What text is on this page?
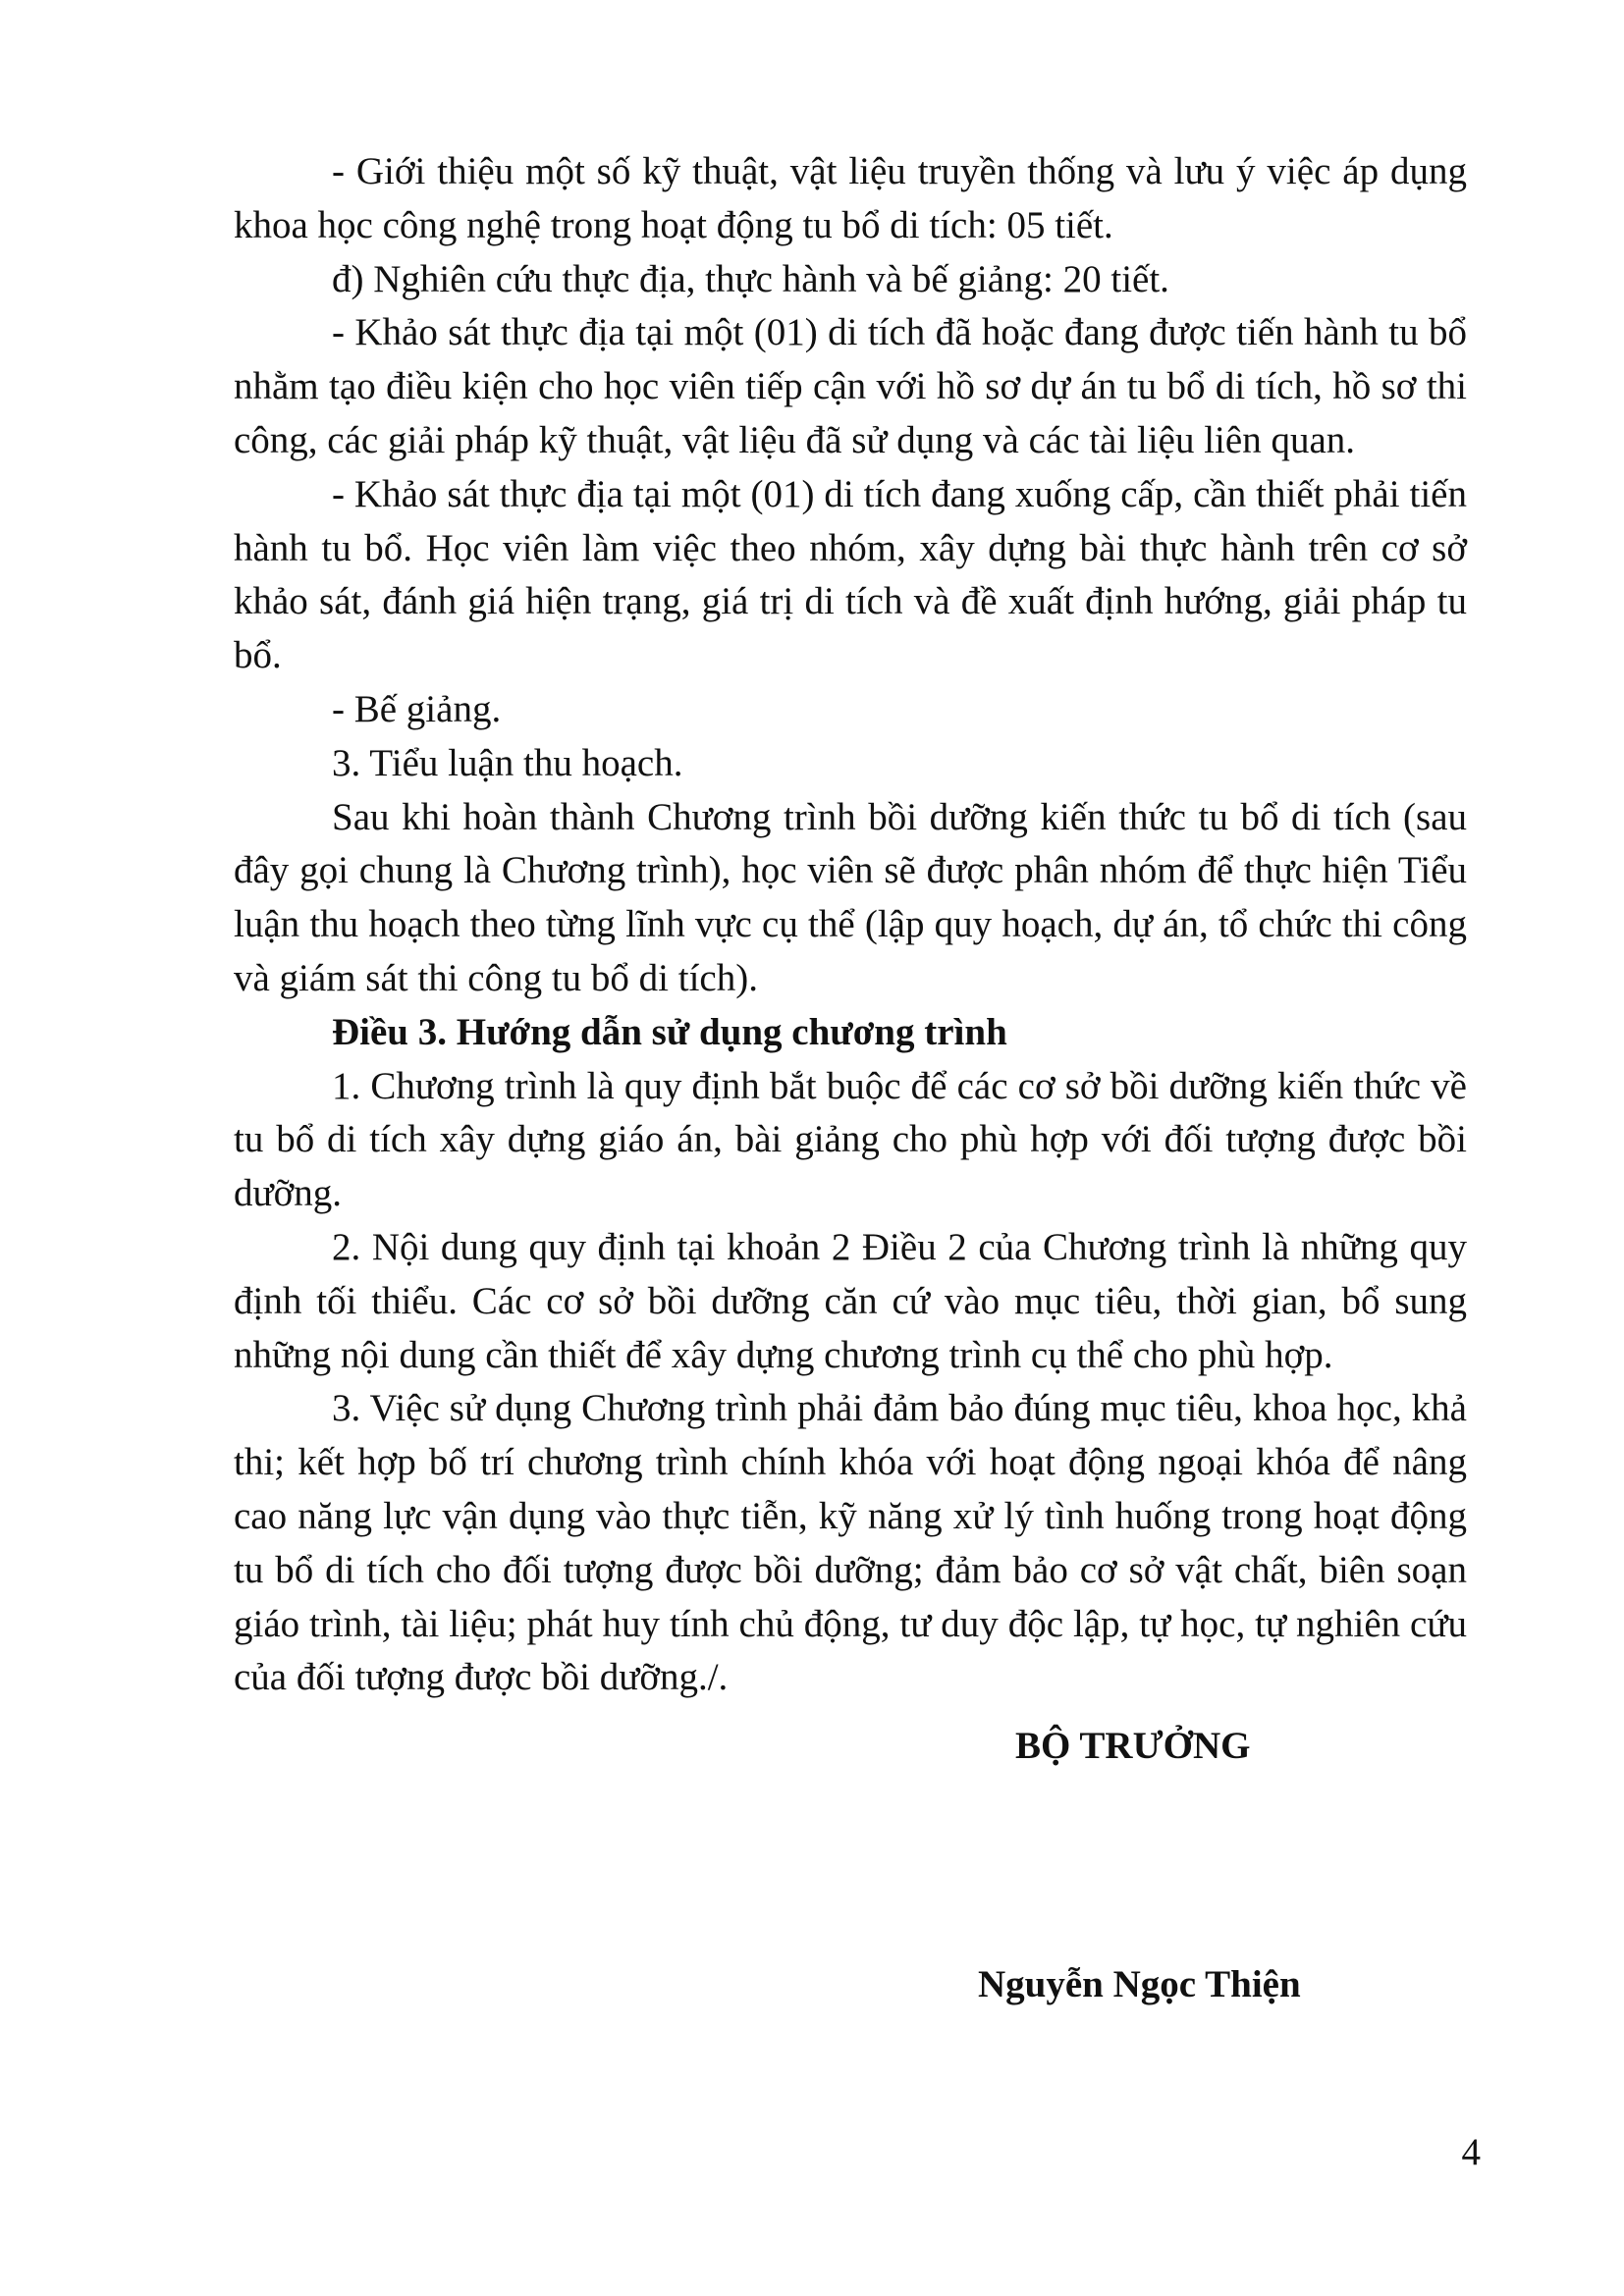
- Giới thiệu một số kỹ thuật, vật liệu truyền thống và lưu ý việc áp dụng khoa học công nghệ trong hoạt động tu bổ di tích: 05 tiết.

đ) Nghiên cứu thực địa, thực hành và bế giảng: 20 tiết.

- Khảo sát thực địa tại một (01) di tích đã hoặc đang được tiến hành tu bổ nhằm tạo điều kiện cho học viên tiếp cận với hồ sơ dự án tu bổ di tích, hồ sơ thi công, các giải pháp kỹ thuật, vật liệu đã sử dụng và các tài liệu liên quan.

- Khảo sát thực địa tại một (01) di tích đang xuống cấp, cần thiết phải tiến hành tu bổ. Học viên làm việc theo nhóm, xây dựng bài thực hành trên cơ sở khảo sát, đánh giá hiện trạng, giá trị di tích và đề xuất định hướng, giải pháp tu bổ.

- Bế giảng.

3. Tiểu luận thu hoạch.

Sau khi hoàn thành Chương trình bồi dưỡng kiến thức tu bổ di tích (sau đây gọi chung là Chương trình), học viên sẽ được phân nhóm để thực hiện Tiểu luận thu hoạch theo từng lĩnh vực cụ thể (lập quy hoạch, dự án, tổ chức thi công và giám sát thi công tu bổ di tích).

Điều 3. Hướng dẫn sử dụng chương trình

1. Chương trình là quy định bắt buộc để các cơ sở bồi dưỡng kiến thức về tu bổ di tích xây dựng giáo án, bài giảng cho phù hợp với đối tượng được bồi dưỡng.

2. Nội dung quy định tại khoản 2 Điều 2 của Chương trình là những quy định tối thiểu. Các cơ sở bồi dưỡng căn cứ vào mục tiêu, thời gian, bổ sung những nội dung cần thiết để xây dựng chương trình cụ thể cho phù hợp.

3. Việc sử dụng Chương trình phải đảm bảo đúng mục tiêu, khoa học, khả thi; kết hợp bố trí chương trình chính khóa với hoạt động ngoại khóa để nâng cao năng lực vận dụng vào thực tiễn, kỹ năng xử lý tình huống trong hoạt động tu bổ di tích cho đối tượng được bồi dưỡng; đảm bảo cơ sở vật chất, biên soạn giáo trình, tài liệu; phát huy tính chủ động, tư duy độc lập, tự học, tự nghiên cứu của đối tượng được bồi dưỡng./.

BỘ TRƯỞNG
Nguyễn Ngọc Thiện
4
